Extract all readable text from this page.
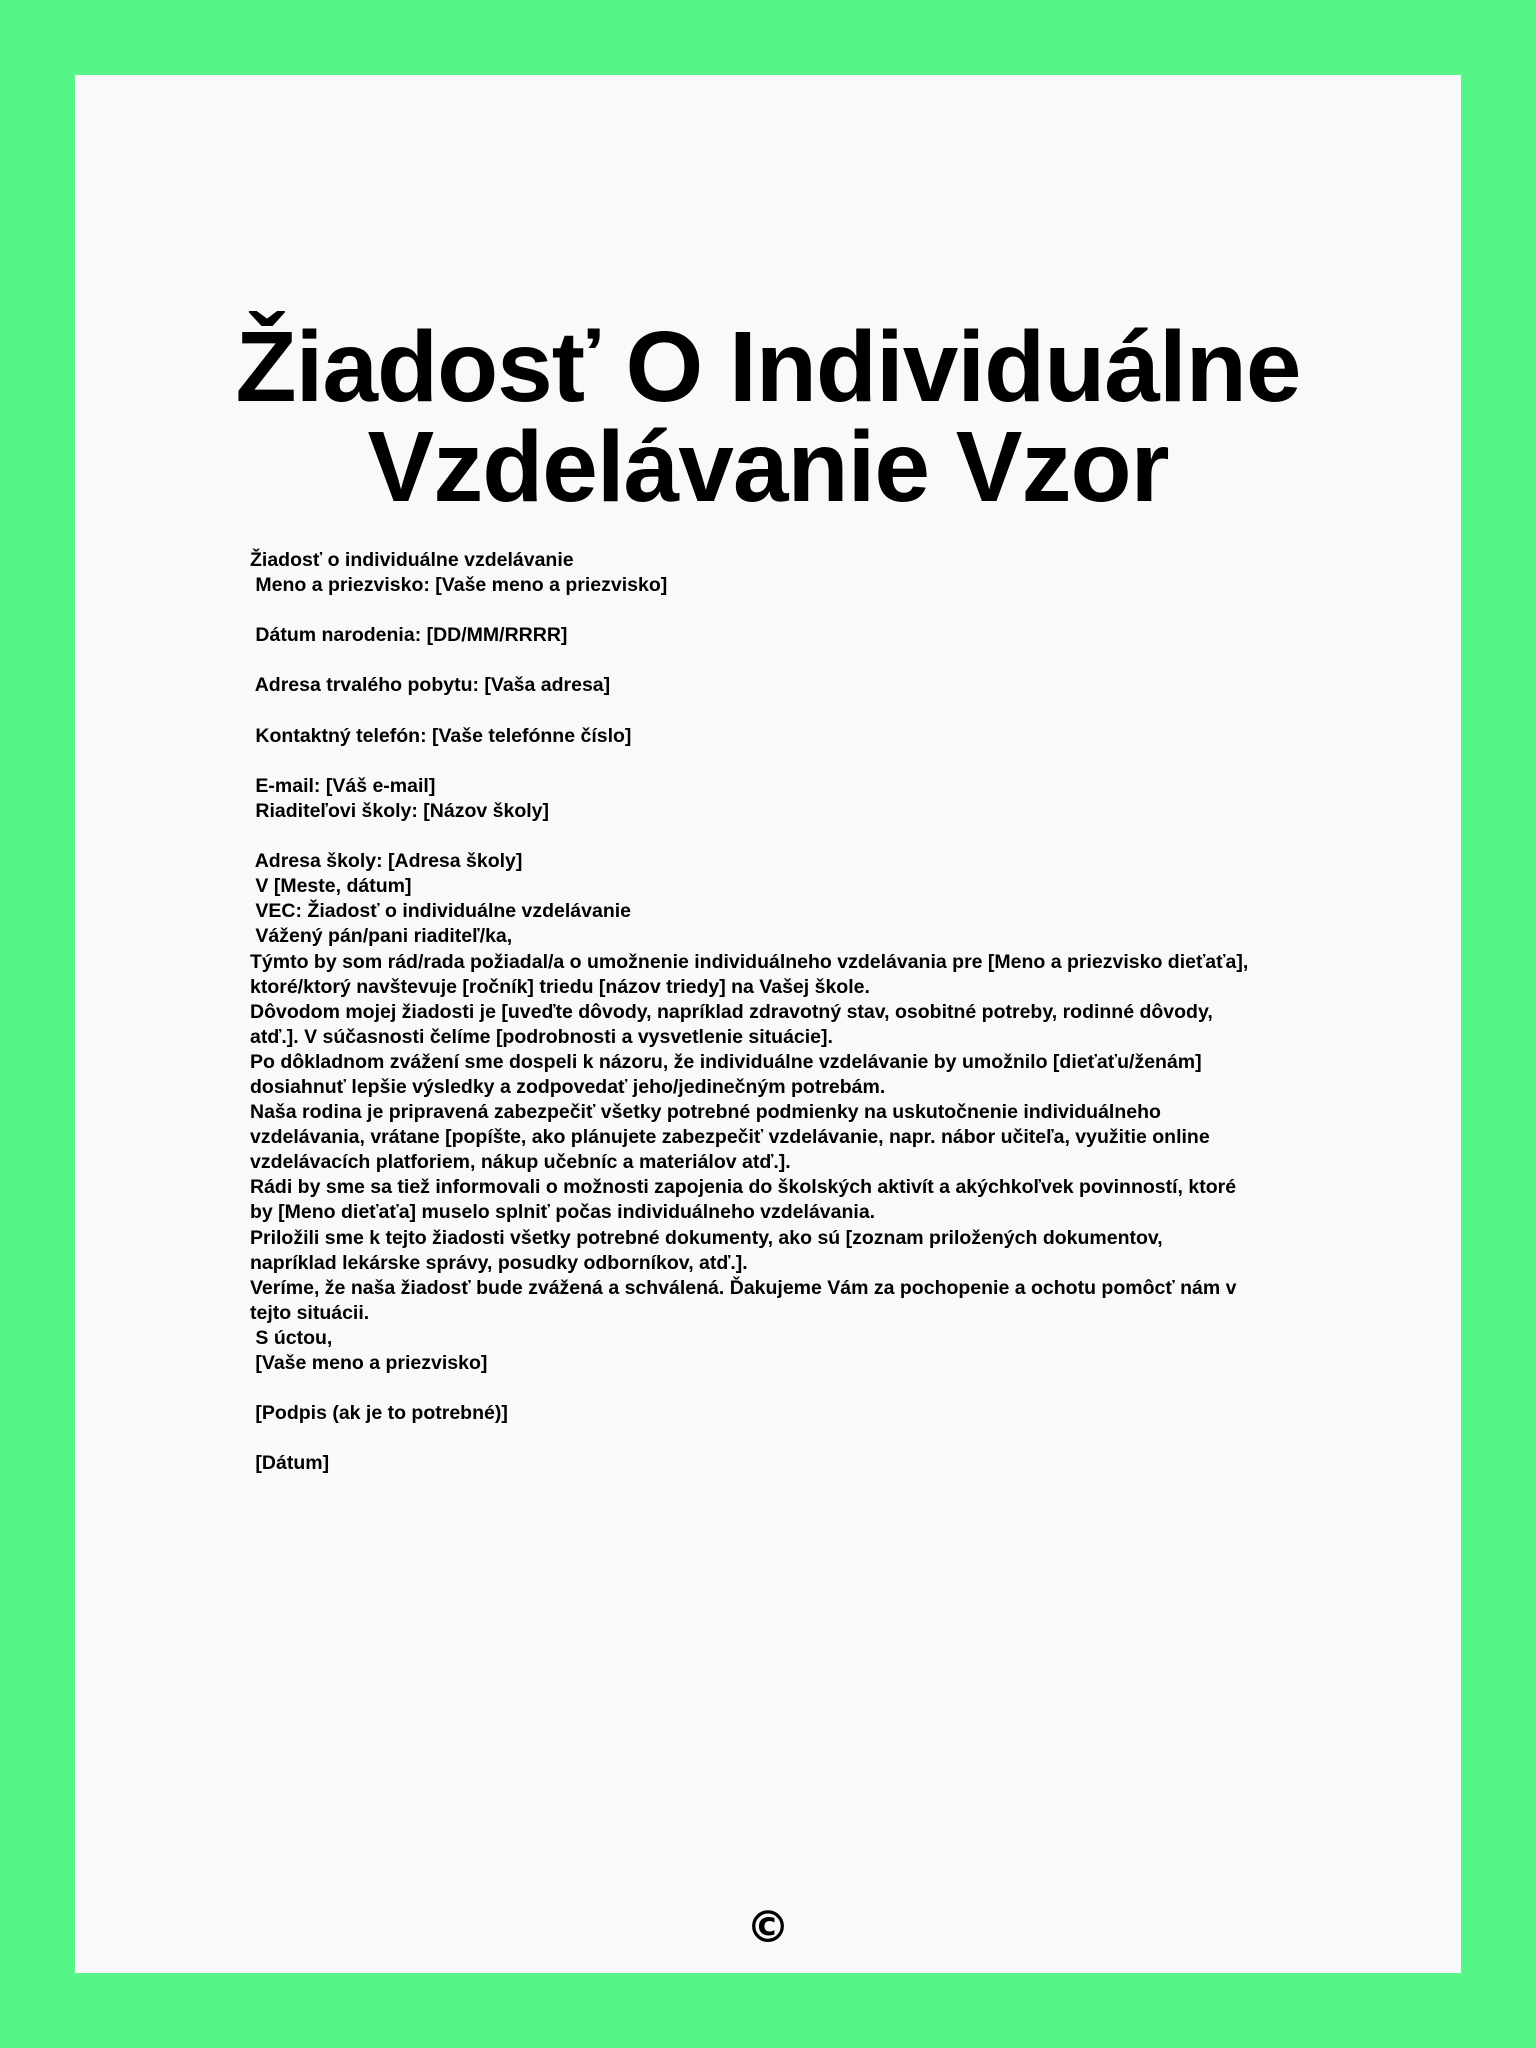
Žiadosť O Individuálne
Vzdelávanie Vzor
Žiadosť o individuálne vzdelávanie
Meno a priezvisko: [Vaše meno a priezvisko]
Dátum narodenia: [DD/MM/RRRR]
Adresa trvalého pobytu: [Vaša adresa]
Kontaktný telefón: [Vaše telefónne číslo]
E-mail: [Váš e-mail]
Riaditeľovi školy: [Názov školy]
Adresa školy: [Adresa školy]
V [Meste, dátum]
VEC: Žiadosť o individuálne vzdelávanie
Vážený pán/pani riaditeľ/ka,
Týmto by som rád/rada požiadal/a o umožnenie individuálneho vzdelávania pre [Meno a priezvisko dieťaťa],
ktoré/ktorý navštevuje [ročník] triedu [názov triedy] na Vašej škole.
Dôvodom mojej žiadosti je [uveďte dôvody, napríklad zdravotný stav, osobitné potreby, rodinné dôvody,
atď.]. V súčasnosti čelíme [podrobnosti a vysvetlenie situácie].
Po dôkladnom zvážení sme dospeli k názoru, že individuálne vzdelávanie by umožnilo [dieťaťu/ženám]
dosiahnuť lepšie výsledky a zodpovedať jeho/jedinečným potrebám.
Naša rodina je pripravená zabezpečiť všetky potrebné podmienky na uskutočnenie individuálneho
vzdelávania, vrátane [popíšte, ako plánujete zabezpečiť vzdelávanie, napr. nábor učiteľa, využitie online
vzdelávacích platforiem, nákup učebníc a materiálov atď.].
Rádi by sme sa tiež informovali o možnosti zapojenia do školských aktivít a akýchkoľvek povinností, ktoré
by [Meno dieťaťa] muselo splniť počas individuálneho vzdelávania.
Priložili sme k tejto žiadosti všetky potrebné dokumenty, ako sú [zoznam priložených dokumentov,
napríklad lekárske správy, posudky odborníkov, atď.].
Veríme, že naša žiadosť bude zvážená a schválená. Ďakujeme Vám za pochopenie a ochotu pomôcť nám v
tejto situácii.
S úctou,
[Vaše meno a priezvisko]
[Podpis (ak je to potrebné)]
[Dátum]
©
